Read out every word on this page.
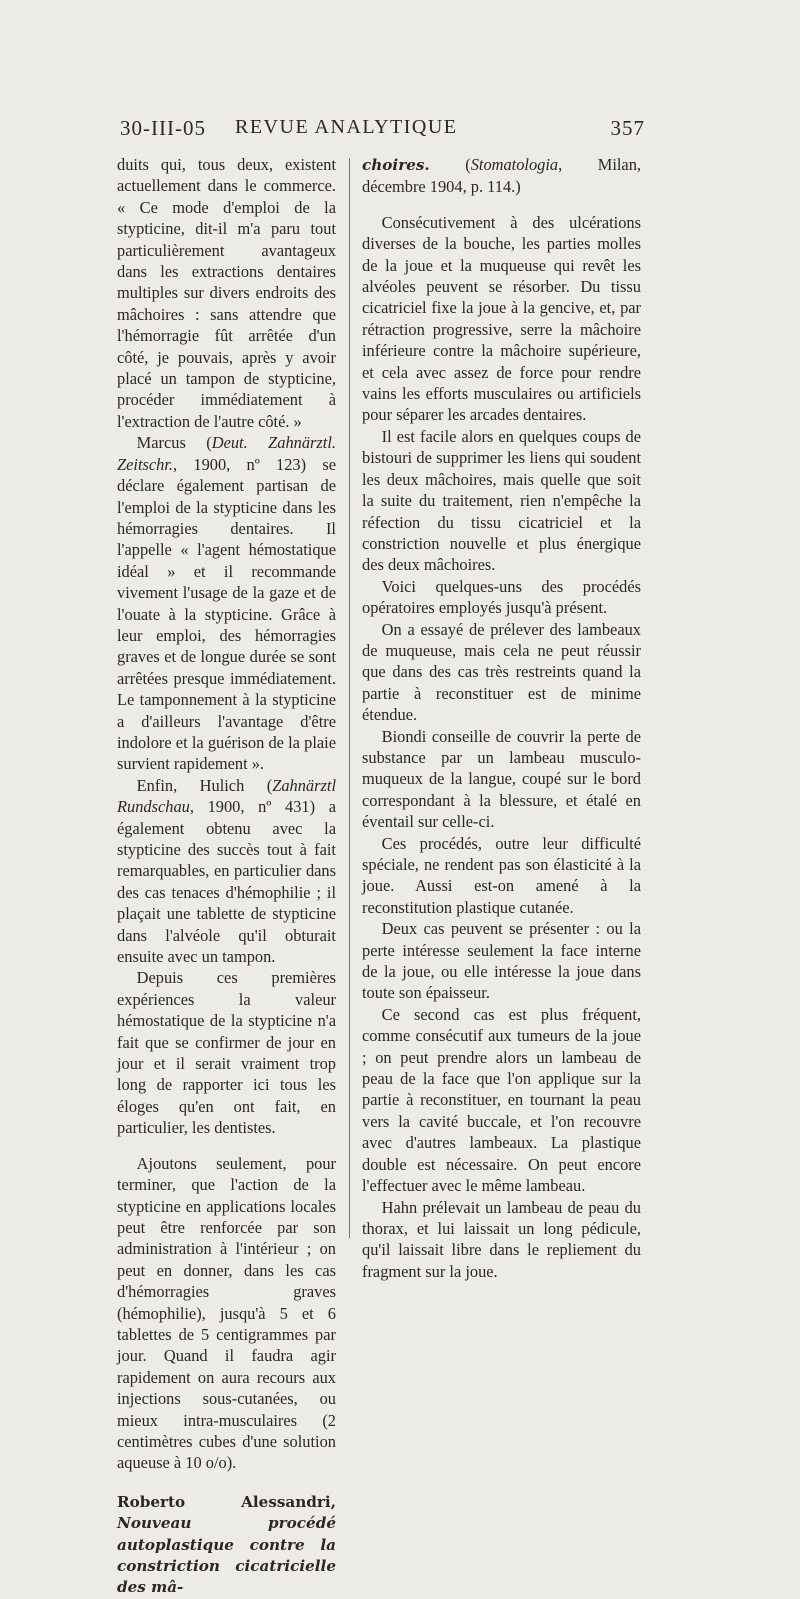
30-III-05 REVUE ANALYTIQUE	357

duits qui, tous deux, existent actuellement dans le commerce. « Ce mode d'emploi de la stypticine, dit-il m'a paru tout particulièrement avantageux dans les extractions dentaires multiples sur divers endroits des mâchoires : sans attendre que l'hémorragie fût arrêtée d'un côté, je pouvais, après y avoir placé un tampon de stypticine, procéder immédiatement à l'extraction de l'autre côté. »

Marcus (Deut. Zahnärztl. Zeitschr., 1900, nº 123) se déclare également partisan de l'emploi de la stypticine dans les hémorragies dentaires. Il l'appelle « l'agent hémostatique idéal » et il recommande vivement l'usage de la gaze et de l'ouate à la stypticine. Grâce à leur emploi, des hémorragies graves et de longue durée se sont arrêtées presque immédiatement. Le tamponnement à la stypticine a d'ailleurs l'avantage d'être indolore et la guérison de la plaie survient rapidement ».

Enfin, Hulich (Zahnärztl Rundschau, 1900, nº 431) a également obtenu avec la stypticine des succès tout à fait remarquables, en particulier dans des cas tenaces d'hémophilie ; il plaçait une tablette de stypticine dans l'alvéole qu'il obturait ensuite avec un tampon.

Depuis ces premières expériences la valeur hémostatique de la stypticine n'a fait que se confirmer de jour en jour et il serait vraiment trop long de rapporter ici tous les éloges qu'en ont fait, en particulier, les dentistes.

Ajoutons seulement, pour terminer, que l'action de la stypticine en applications locales peut être renforcée par son administration à l'intérieur ; on peut en donner, dans les cas d'hémorragies graves (hémophilie), jusqu'à 5 et 6 tablettes de 5 centigrammes par jour. Quand il faudra agir rapidement on aura recours aux injections sous-cutanées, ou mieux intra-musculaires (2 centimètres cubes d'une solution aqueuse à 10 o/o).

Roberto Alessandri, Nouveau procédé autoplastique contre la constriction cicatricielle des mâ-

choires. (Stomatologia, Milan, décembre 1904, p. 114.)

Consécutivement à des ulcérations diverses de la bouche, les parties molles de la joue et la muqueuse qui revêt les alvéoles peuvent se résorber. Du tissu cicatriciel fixe la joue à la gencive, et, par rétraction progressive, serre la mâchoire inférieure contre la mâchoire supérieure, et cela avec assez de force pour rendre vains les efforts musculaires ou artificiels pour séparer les arcades dentaires.

Il est facile alors en quelques coups de bistouri de supprimer les liens qui soudent les deux mâchoires, mais quelle que soit la suite du traitement, rien n'empêche la réfection du tissu cicatriciel et la constriction nouvelle et plus énergique des deux mâchoires.

Voici quelques-uns des procédés opératoires employés jusqu'à présent.

On a essayé de prélever des lambeaux de muqueuse, mais cela ne peut réussir que dans des cas très restreints quand la partie à reconstituer est de minime étendue.

Biondi conseille de couvrir la perte de substance par un lambeau musculo-muqueux de la langue, coupé sur le bord correspondant à la blessure, et étalé en éventail sur celle-ci.

Ces procédés, outre leur difficulté spéciale, ne rendent pas son élasticité à la joue. Aussi est-on amené à la reconstitution plastique cutanée.

Deux cas peuvent se présenter : ou la perte intéresse seulement la face interne de la joue, ou elle intéresse la joue dans toute son épaisseur.

Ce second cas est plus fréquent, comme consécutif aux tumeurs de la joue ; on peut prendre alors un lambeau de peau de la face que l'on applique sur la partie à reconstituer, en tournant la peau vers la cavité buccale, et l'on recouvre avec d'autres lambeaux. La plastique double est nécessaire. On peut encore l'effectuer avec le même lambeau.

Hahn prélevait un lambeau de peau du thorax, et lui laissait un long pédicule, qu'il laissait libre dans le repliement du fragment sur la joue.
